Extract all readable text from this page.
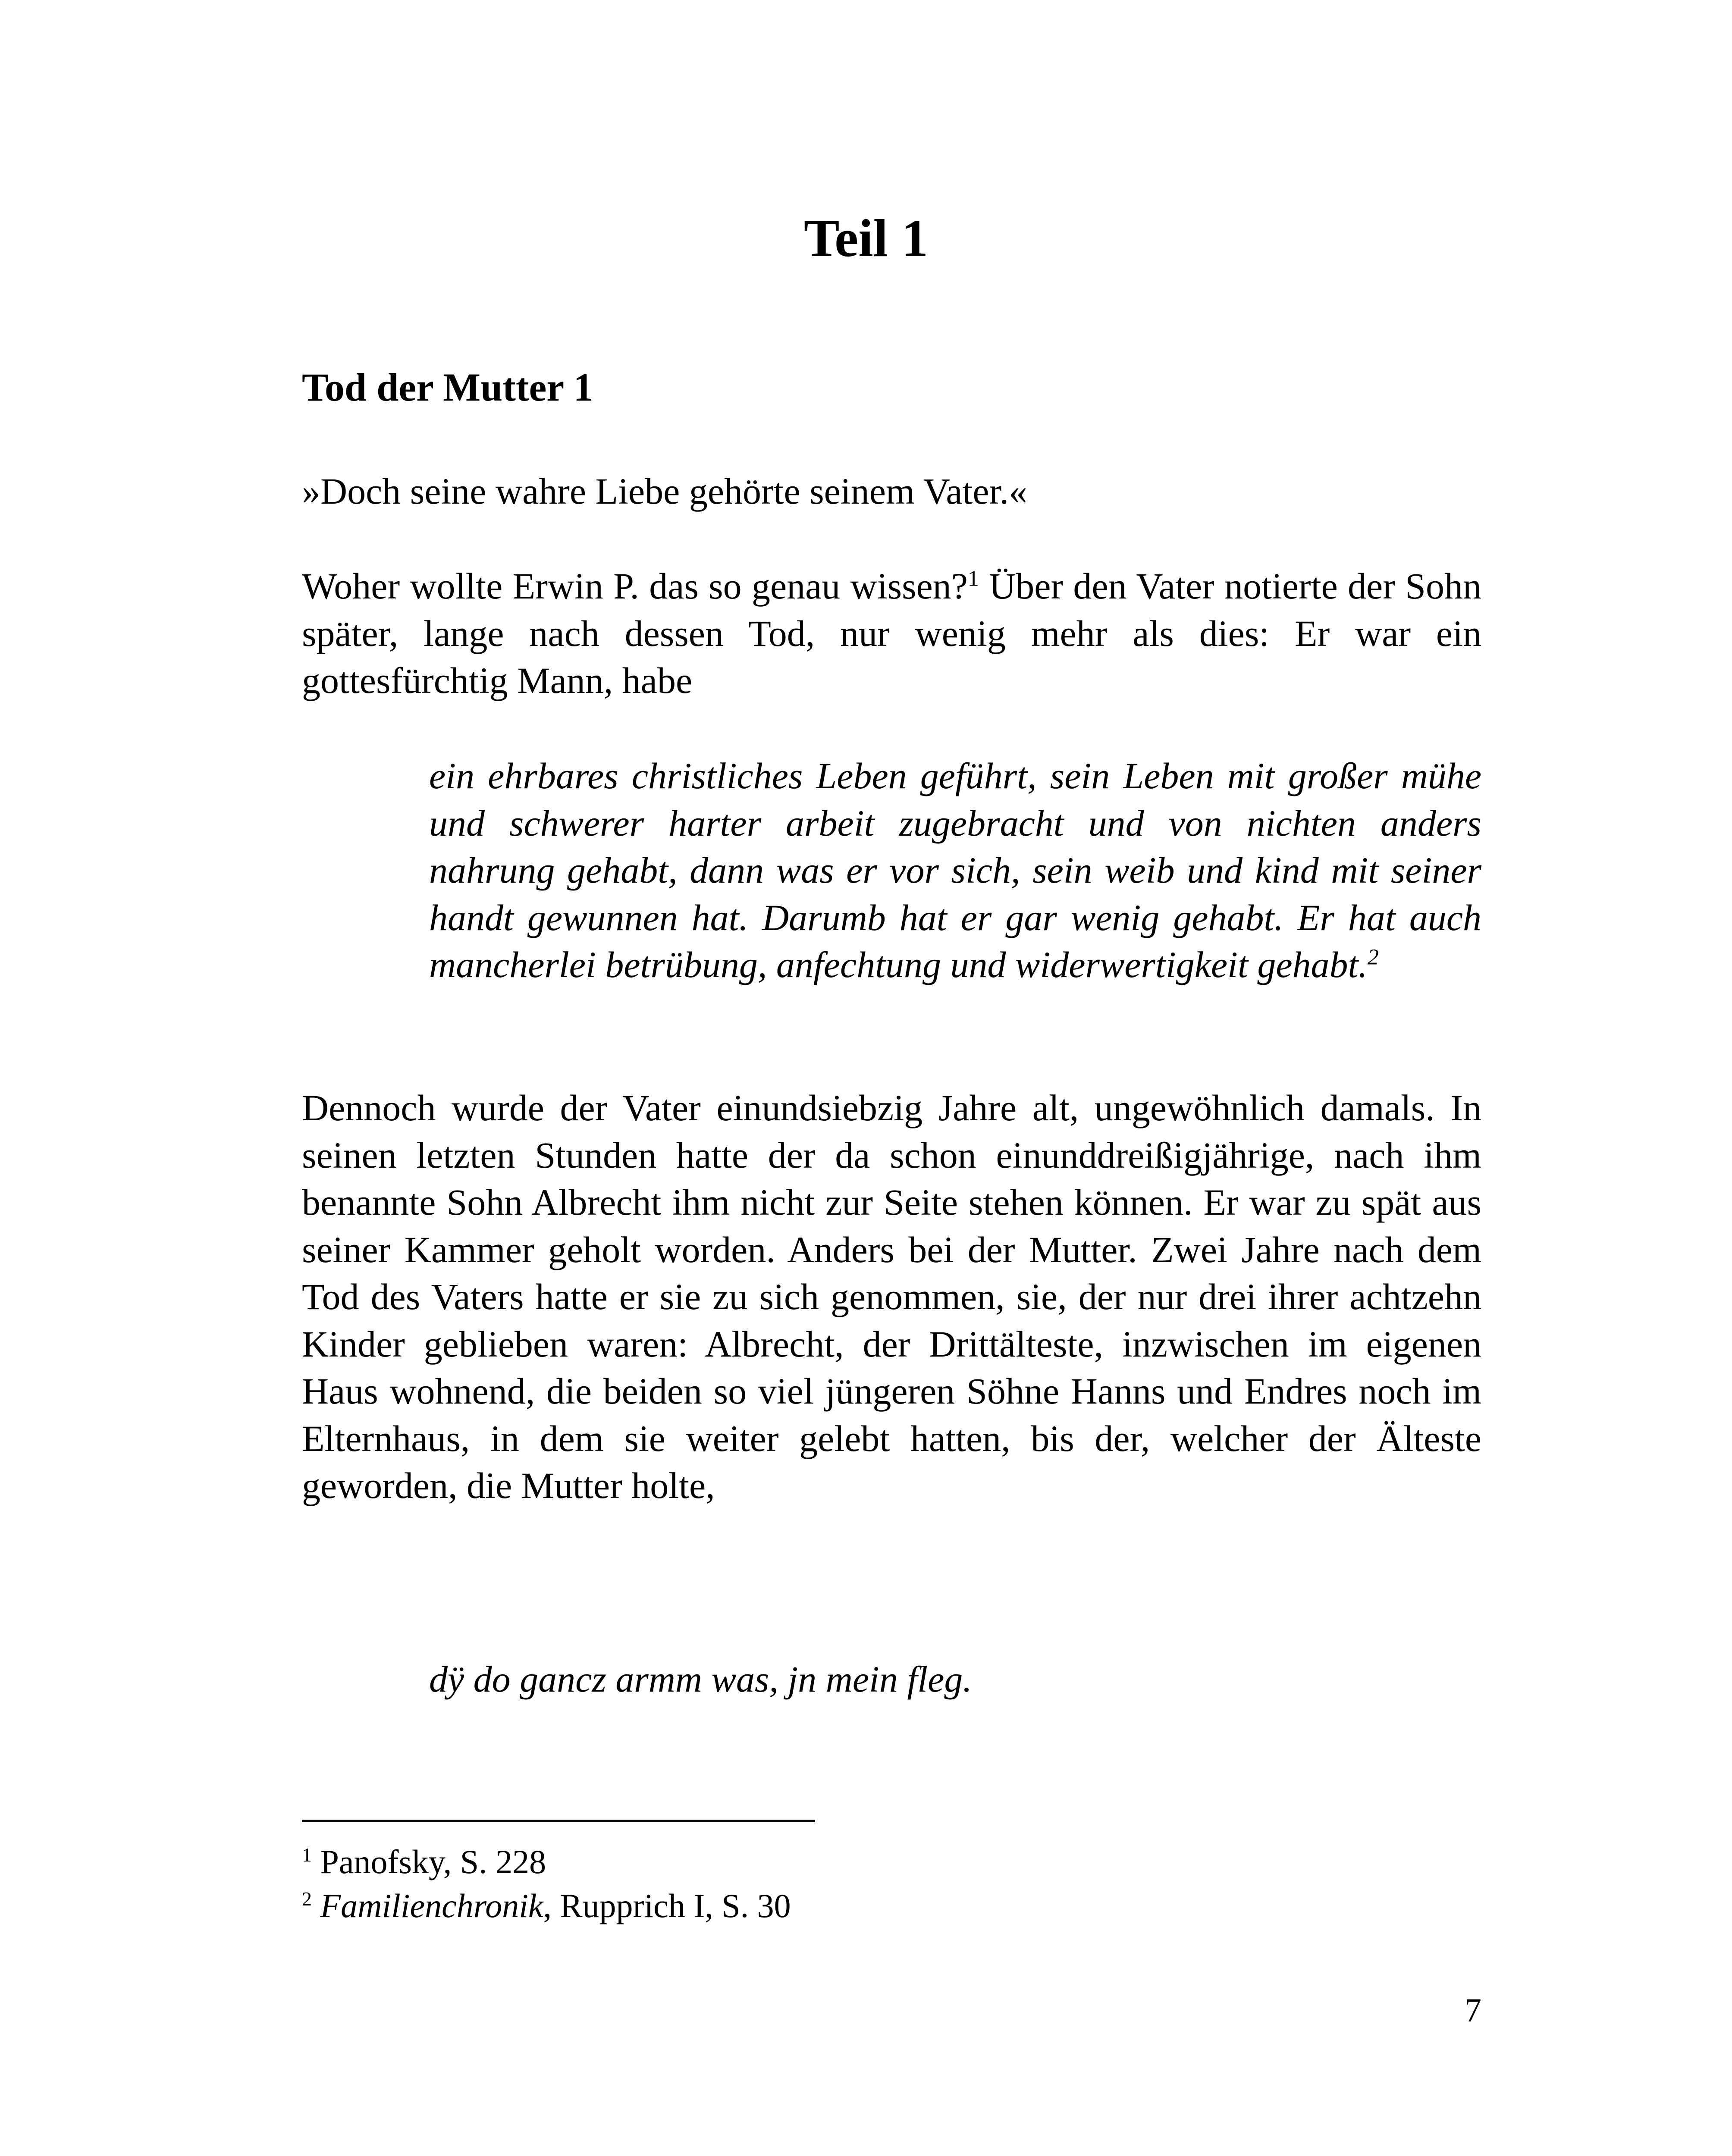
Teil 1
Tod der Mutter 1

»Doch seine wahre Liebe gehörte seinem Vater.«

Woher wollte Erwin P. das so genau wissen?$^1$ Über den Vater notierte der Sohn später, lange nach dessen Tod, nur wenig mehr als dies: Er war ein gottesfürchtig Mann, habe

ein ehrbares christliches Leben geführt, sein Leben mit großer mühe und schwerer harter arbeit zugebracht und von nichten anders nahrung gehabt, dann was er vor sich, sein weib und kind mit seiner handt gewunnen hat. Darumb hat er gar wenig gehabt. Er hat auch mancherlei betrübung, anfechtung und widerwertigkeit gehabt.$^2$

Dennoch wurde der Vater einundsiebzig Jahre alt, ungewöhnlich damals. In seinen letzten Stunden hatte der da schon einunddreißigjährige, nach ihm benannte Sohn Albrecht ihm nicht zur Seite stehen können. Er war zu spät aus seiner Kammer geholt worden. Anders bei der Mutter. Zwei Jahre nach dem Tod des Vaters hatte er sie zu sich genommen, sie, der nur drei ihrer achtzehn Kinder geblieben waren: Albrecht, der Drittälteste, inzwischen im eigenen Haus wohnend, die beiden so viel jüngeren Söhne Hanns und Endres noch im Elternhaus, in dem sie weiter gelebt hatten, bis der, welcher der Älteste geworden, die Mutter holte,

dÿ do gancz armm was, jn mein fleg.

$^1$ Panofsky, S. 228

$^2$ Familienchronik, Rupprich I, S. 30

7
